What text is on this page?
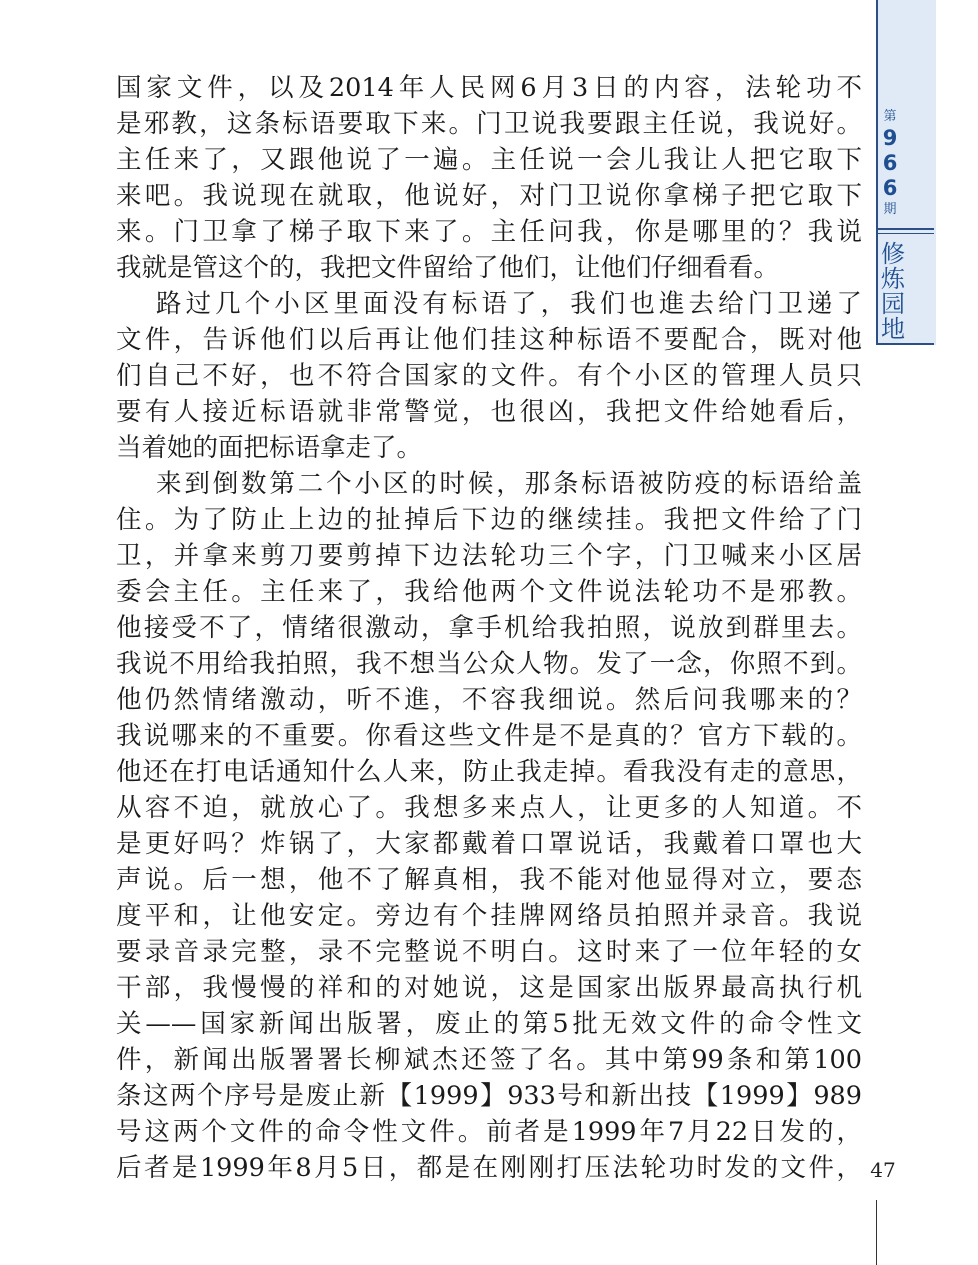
国家文件，以及2014年人民网6月3日的内容，法轮功不
是邪教，这条标语要取下来。门卫说我要跟主任说，我说好。
主任来了，又跟他说了一遍。主任说一会儿我让人把它取下
来吧。我说现在就取，他说好，对门卫说你拿梯子把它取下
来。门卫拿了梯子取下来了。主任问我，你是哪里的？我说
我就是管这个的，我把文件留给了他们，让他们仔细看看。
路过几个小区里面没有标语了，我们也進去给门卫递了
文件，告诉他们以后再让他们挂这种标语不要配合，既对他
们自己不好，也不符合国家的文件。有个小区的管理人员只
要有人接近标语就非常警觉，也很凶，我把文件给她看后，
当着她的面把标语拿走了。
来到倒数第二个小区的时候，那条标语被防疫的标语给盖
住。为了防止上边的扯掉后下边的继续挂。我把文件给了门
卫，并拿来剪刀要剪掉下边法轮功三个字，门卫喊来小区居
委会主任。主任来了，我给他两个文件说法轮功不是邪教。
他接受不了，情绪很激动，拿手机给我拍照，说放到群里去。
我说不用给我拍照，我不想当公众人物。发了一念，你照不到。
他仍然情绪激动，听不進，不容我细说。然后问我哪来的？
我说哪来的不重要。你看这些文件是不是真的？官方下载的。
他还在打电话通知什么人来，防止我走掉。看我没有走的意思，
从容不迫，就放心了。我想多来点人，让更多的人知道。不
是更好吗？炸锅了，大家都戴着口罩说话，我戴着口罩也大
声说。后一想，他不了解真相，我不能对他显得对立，要态
度平和，让他安定。旁边有个挂牌网络员拍照并录音。我说
要录音录完整，录不完整说不明白。这时来了一位年轻的女
干部，我慢慢的祥和的对她说，这是国家出版界最高执行机
关——国家新闻出版署，废止的第5批无效文件的命令性文
件，新闻出版署署长柳斌杰还签了名。其中第99条和第100
条这两个序号是废止新【1999】933号和新出技【1999】989
号这两个文件的命令性文件。前者是1999年7月22日发的，
后者是1999年8月5日，都是在刚刚打压法轮功时发的文件，
第
9
6
6
期
修
炼
园
地
47
